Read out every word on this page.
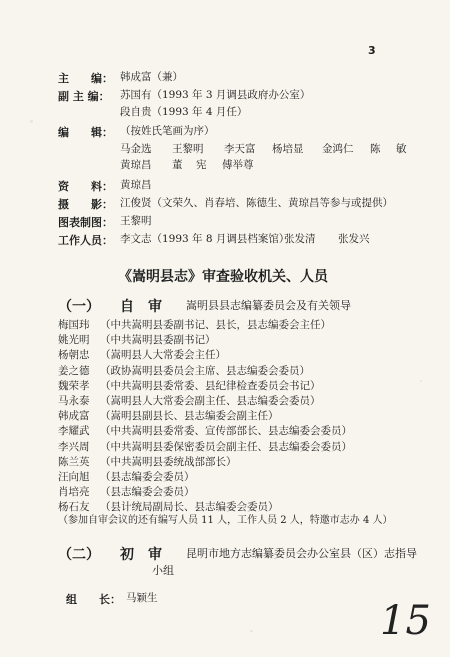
3
主　　编： 韩成富（兼）
副 主 编： 苏国有（1993 年 3 月调县政府办公室）
段自贵（1993 年 4 月任）
编　　辑： （按姓氏笔画为序）
马金选 王黎明 李天富 杨培显 金鸿仁 陈 敏
黄琼昌 董 宪 傅举尊
资　　料： 黄琼昌
摄　　影： 江俊贤（文荣久、肖春培、陈德生、黄琼昌等参与或提供）
图表制图： 王黎明
工作人员： 李文志（1993 年 8 月调县档案馆）
张发清 张发兴
《嵩明县志》审查验收机关、人员
（一） 自　审 嵩明县县志编纂委员会及有关领导
梅国玮 （中共嵩明县委副书记、县长，县志编委会主任）
姚光明 （中共嵩明县委副书记）
杨朝忠 （嵩明县人大常委会主任）
姜之德 （政协嵩明县委员会主席、县志编委会委员）
魏荣孝 （中共嵩明县委常委、县纪律检查委员会书记）
马永泰 （嵩明县人大常委会副主任、县志编委会委员）
韩成富 （嵩明县副县长、县志编委会副主任）
李耀武 （中共嵩明县委常委、宣传部部长、县志编委会委员）
李兴周 （中共嵩明县委保密委员会副主任、县志编委会委员）
陈兰英 （中共嵩明县委统战部部长）
汪向旭 （县志编委会委员）
肖培亮 （县志编委会委员）
杨石友 （县计统局副局长、县志编委会委员）
（参加自审会议的还有编写人员 11 人，工作人员 2 人，特邀市志办 4 人）
（二） 初　审 昆明市地方志编纂委员会办公室县（区）志指导
小组
组　　长： 马颖生	15
